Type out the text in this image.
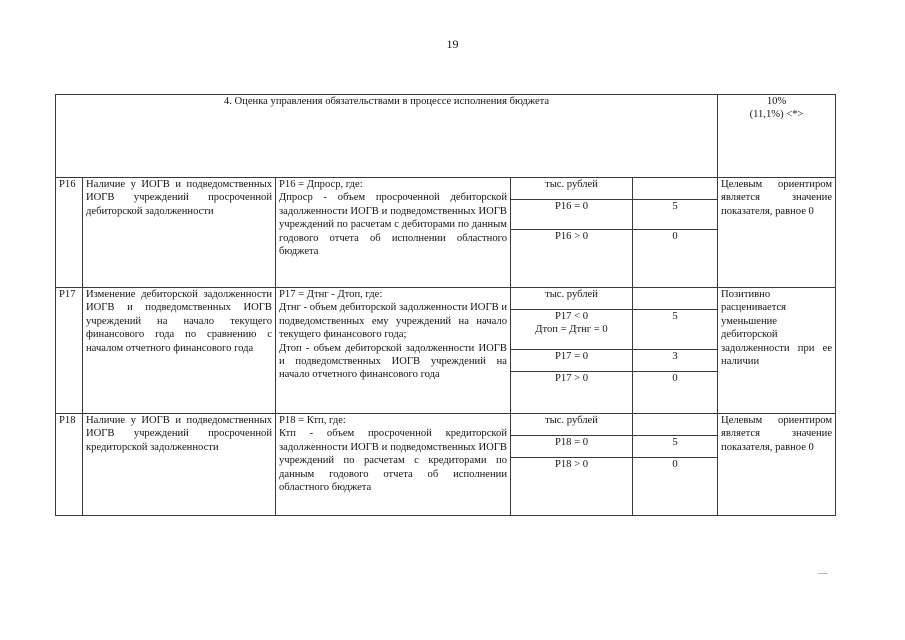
19
4. Оценка управления обязательствами в процессе исполнения бюджета					10%
(11,1%) <*>	

P16	Наличие у ИОГВ и подведомственных ИОГВ учреждений просроченной дебиторской задолженности	P16 = Дпроср, где:
Дпроср - объем просроченной дебиторской задолженности ИОГВ и подведомственных ИОГВ учреждений по расчетам с дебиторами по данным годового отчета об исполнении областного бюджета	тыс. рублей		Целевым ориентиром является значение показателя, равное 0	

			P16 = 0	5		

			P16 > 0	0		
P17	Изменение дебиторской задолженности ИОГВ и подведомственных ИОГВ учреждений на начало текущего финансового года по сравнению с началом отчетного финансового года	P17 = Дтнг - Дтоп, где:
Дтнг - объем дебиторской задолженности ИОГВ и подведомственных ему учреждений на начало текущего финансового года;
Дтоп - объем дебиторской задолженности ИОГВ и подведомственных ИОГВ учреждений на начало отчетного финансового года	тыс. рублей		Позитивно расценивается уменьшение дебиторской задолженности при ее наличии	

			P17 < 0
Дтоп = Дтнг = 0	5		

			P17 = 0	3		

			P17 > 0	0		
P18	Наличие у ИОГВ и подведомственных ИОГВ учреждений просроченной кредиторской задолженности	P18 = Ктп, где:
Ктп - объем просроченной кредиторской задолженности ИОГВ и подведомственных ИОГВ учреждений по расчетам с кредиторами по данным годового отчета об исполнении областного бюджета	тыс. рублей		Целевым ориентиром является значение показателя, равное 0	

			P18 = 0	5		

			P18 > 0	0		
